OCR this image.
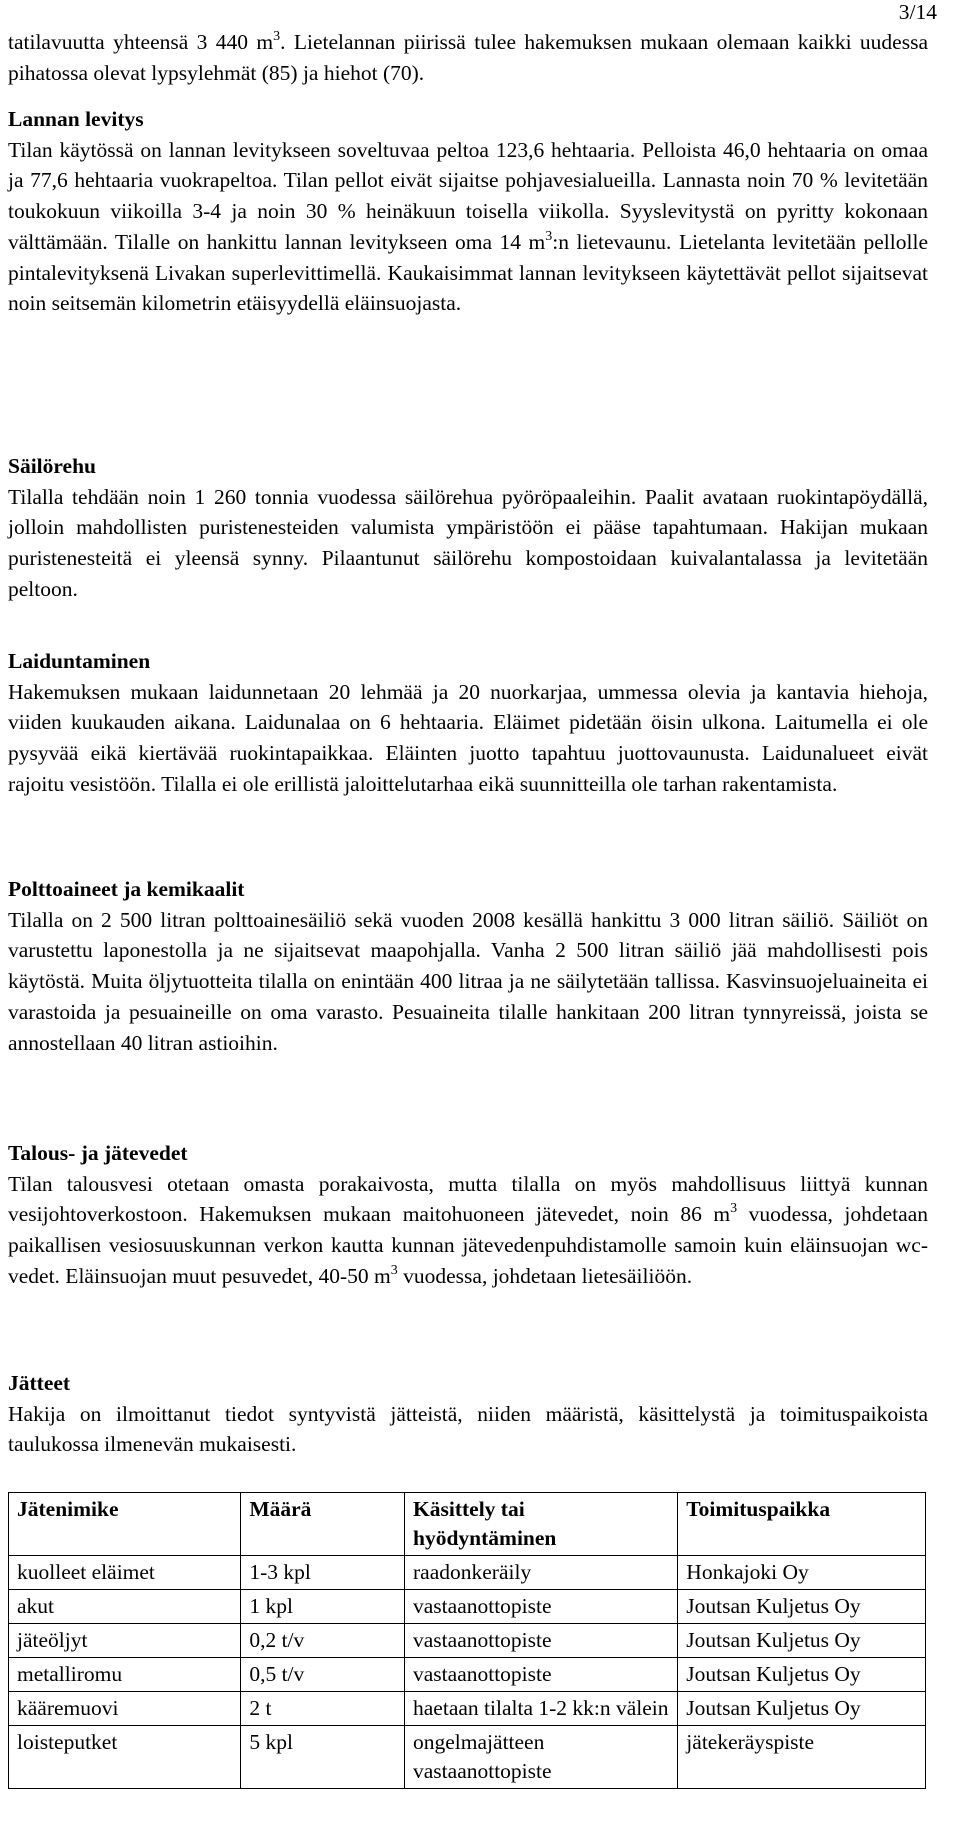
3/14

tatilavuutta yhteensä 3 440 $m^3$. Lietelannan piirissä tulee hakemuksen mukaan olemaan kaikki uudessa pihatossa olevat lypsylehmät (85) ja hiehot (70).

Lannan levitys

Tilan käytössä on lannan levitykseen soveltuvaa peltoa 123,6 hehtaaria. Pelloista 46,0 hehtaaria on omaa ja 77,6 hehtaaria vuokrapeltoa. Tilan pellot eivät sijaitse pohjavesialueilla. Lannasta noin 70 % levitetään toukokuun viikoilla 3-4 ja noin 30 % heinäkuun toisella viikolla. Syyslevitystä on pyritty kokonaan välttämään. Tilalle on hankittu lannan levitykseen oma 14 $m^3:n$ lietevaunu. Lietelanta levitetään pellolle pintalevityksenä Livakan superlevittimellä. Kaukaisimmat lannan levitykseen käytettävät pellot sijaitsevat noin seitsemän kilometrin etäisyydellä eläinsuojasta.

Säilörehu

Tilalla tehdään noin 1 260 tonnia vuodessa säilörehua pyöröpaaleihin. Paalit avataan ruokintapöydällä, jolloin mahdollisten puristenesteiden valumista ympäristöön ei pääse tapahtumaan. Hakijan mukaan puristenesteitä ei yleensä synny. Pilaantunut säilörehu kompostoidaan kuivalantalassa ja levitetään peltoon.

Laiduntaminen

Hakemuksen mukaan laidunnetaan 20 lehmää ja 20 nuorkarjaa, ummessa olevia ja kantavia hiehoja, viiden kuukauden aikana. Laidunalaa on 6 hehtaaria. Eläimet pidetään öisin ulkona. Laitumella ei ole pysyvää eikä kiertävää ruokintapaikkaa. Eläinten juotto tapahtuu juottovaunusta. Laidunalueet eivät rajoitu vesistöön. Tilalla ei ole erillistä jaloittelutarhaa eikä suunnitteilla ole tarhan rakentamista.

Polttoaineet ja kemikaalit

Tilalla on 2 500 litran polttoainesäiliö sekä vuoden 2008 kesällä hankittu 3 000 litran säiliö. Säiliöt on varustettu laponestolla ja ne sijaitsevat maapohjalla. Vanha 2 500 litran säiliö jää mahdollisesti pois käytöstä. Muita öljytuotteita tilalla on enintään 400 litraa ja ne säilytetään tallissa. Kasvinsuojeluaineita ei varastoida ja pesuaineille on oma varasto. Pesuaineita tilalle hankitaan 200 litran tynnyreissä, joista se annostellaan 40 litran astioihin.

Talous- ja jätevedet

Tilan talousvesi otetaan omasta porakaivosta, mutta tilalla on myös mahdollisuus liittyä kunnan vesijohtoverkostoon. Hakemuksen mukaan maitohuoneen jätevedet, noin 86 $m^3$ vuodessa, johdetaan paikallisen vesiosuuskunnan verkon kautta kunnan jätevedenpuhdistamolle samoin kuin eläinsuojan wc-vedet. Eläinsuojan muut pesuvedet, 40-50 $m^3$ vuodessa, johdetaan lietesäiliöön.

Jätteet

Hakija on ilmoittanut tiedot syntyvistä jätteistä, niiden määristä, käsittelystä ja toimituspaikoista taulukossa ilmenevän mukaisesti.

Jätenimike	Määrä	Käsittely tai hyödyntäminen	Toimituspaikka
kuolleet eläimet	1-3 kpl	raadonkeräily	Honkajoki Oy
akut	1 kpl	vastaanottopiste	Joutsan Kuljetus Oy
jäteöljyt	0,2 t/v	vastaanottopiste	Joutsan Kuljetus Oy
metalliromu	0,5 t/v	vastaanottopiste	Joutsan Kuljetus Oy
kääremuovi	2 t	haetaan tilalta 1-2 kk:n välein	Joutsan Kuljetus Oy
loisteputket	5 kpl	ongelmajätteen vastaanottopiste	jätekeräyspiste
